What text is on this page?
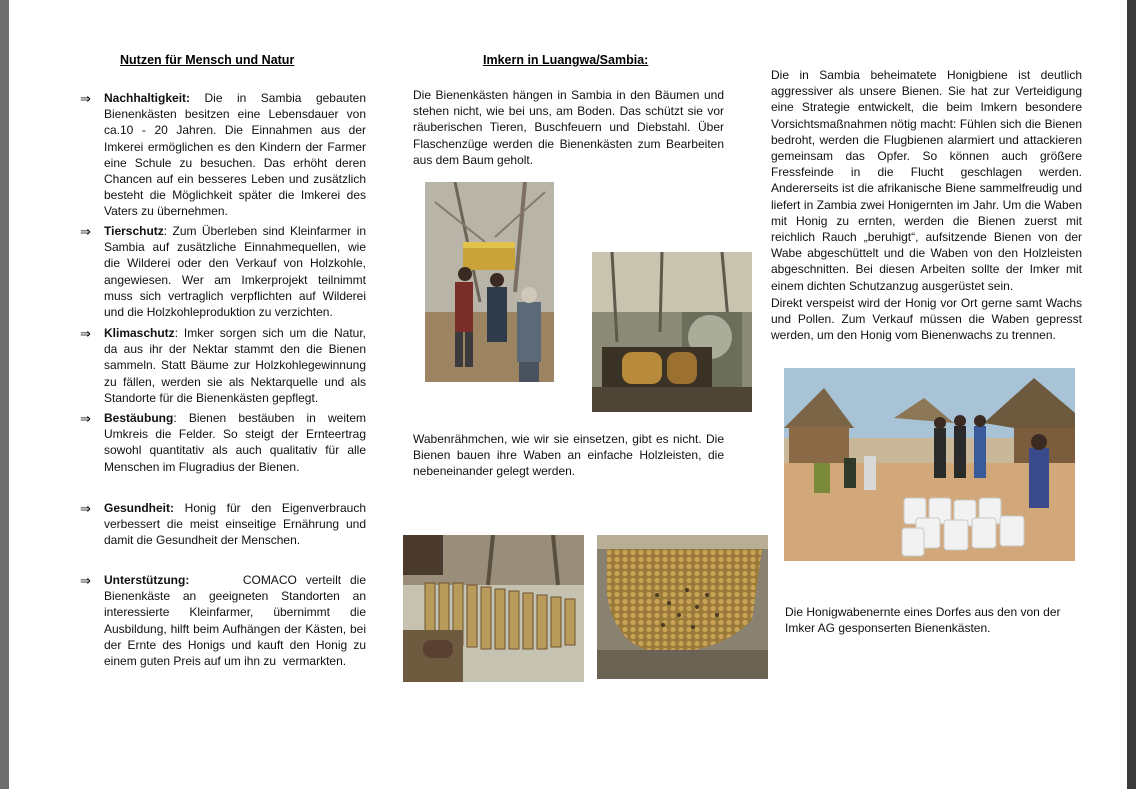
Nutzen für Mensch und Natur
⇒	Nachhaltigkeit: Die in Sambia gebauten Bienenkästen besitzen eine Lebensdauer von ca.10 - 20 Jahren. Die Einnahmen aus der Imkerei ermöglichen es den Kindern der Farmer eine Schule zu besuchen. Das erhöht deren Chancen auf ein besseres Leben und zusätzlich besteht die Möglichkeit später die Imkerei des Vaters zu übernehmen.
⇒	Tierschutz: Zum Überleben sind Kleinfarmer in Sambia auf zusätzliche Einnahmequellen, wie die Wilderei oder den Verkauf von Holzkohle, angewiesen. Wer am Imkerprojekt teilnimmt muss sich vertraglich verpflichten auf Wilderei und die Holzkohleproduktion zu verzichten.
⇒	Klimaschutz: Imker sorgen sich um die Natur, da aus ihr der Nektar stammt den die Bienen sammeln. Statt Bäume zur Holzkohlegewinnung zu fällen, werden sie als Nektarquelle und als Standorte für die Bienenkästen gepflegt.
⇒	Bestäubung: Bienen bestäuben in weitem Umkreis die Felder. So steigt der Ernteertrag sowohl quantitativ als auch qualitativ für alle Menschen im Flugradius der Bienen.
⇒	Gesundheit: Honig für den Eigenverbrauch verbessert die meist einseitige Ernährung und damit die Gesundheit der Menschen.
⇒	Unterstützung:      COMACO verteilt die Bienenkäste an geeigneten Standorten an interessierte Kleinfarmer, übernimmt die Ausbildung, hilft beim Aufhängen der Kästen, bei der Ernte des Honigs und kauft den Honig zu einem guten Preis auf um ihn zu  vermarkten.
Imkern in Luangwa/Sambia:
Die Bienenkästen hängen in Sambia in den Bäumen und stehen nicht, wie bei uns, am Boden. Das schützt sie vor räuberischen Tieren, Buschfeuern und Diebstahl. Über Flaschenzüge werden die Bienenkästen zum Bearbeiten aus dem Baum geholt.
Wabenrähmchen, wie wir sie einsetzen, gibt es nicht. Die Bienen bauen ihre Waben an einfache Holzleisten, die nebeneinander gelegt werden.
Die in Sambia beheimatete Honigbiene ist deutlich aggressiver als unsere Bienen. Sie hat zur Verteidigung eine Strategie entwickelt, die beim Imkern besondere Vorsichtsmaßnahmen nötig macht: Fühlen sich die Bienen bedroht, werden die Flugbienen alarmiert und attackieren gemeinsam das Opfer. So können auch größere Fressfeinde in die Flucht geschlagen werden. Andererseits ist die afrikanische Biene sammelfreudig und liefert in Zambia zwei Honigernten im Jahr. Um die Waben mit Honig zu ernten, werden die Bienen zuerst mit reichlich Rauch „beruhigt“, aufsitzende Bienen von der Wabe abgeschüttelt und die Waben von den Holzleisten abgeschnitten. Bei diesen Arbeiten sollte der Imker mit einem dichten Schutzanzug ausgerüstet sein.
Direkt verspeist wird der Honig vor Ort gerne samt Wachs und Pollen. Zum Verkauf müssen die Waben gepresst werden, um den Honig vom Bienenwachs zu trennen.
Die Honigwabenernte eines Dorfes aus den von der Imker AG gesponserten Bienenkästen.
